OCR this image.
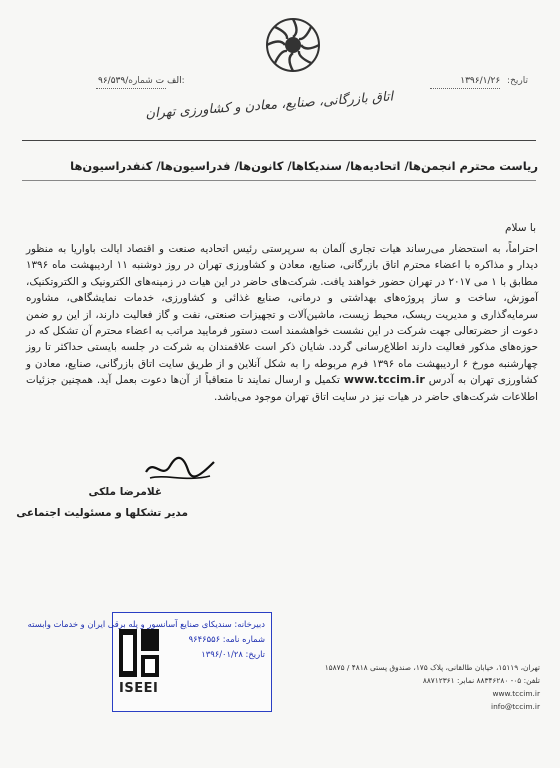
تاریخ: ۱۳۹۶/۱/۲۶
۹۶/۵۳۹/الف ت شماره:
اتاق بازرگانی، صنایع، معادن و کشاورزی تهران
ریاست محترم انجمن‌ها/ اتحادیه‌ها/ سندیکاها/ کانون‌ها/ فدراسیون‌ها/ کنفدراسیون‌ها
با سلام
احتراماً، به استحضار می‌رساند هیات تجاری آلمان به سرپرستی رئیس اتحادیه صنعت و اقتصاد ایالت باواریا به منظور دیدار و مذاکره با اعضاء محترم اتاق بازرگانی، صنایع، معادن و کشاورزی تهران در روز دوشنبه ۱۱ اردیبهشت ماه ۱۳۹۶ مطابق با ۱ می ۲۰۱۷ در تهران حضور خواهند یافت. شرکت‌های حاضر در این هیات در زمینه‌های الکترونیک و الکتروتکنیک، آموزش، ساخت و ساز پروژه‌های بهداشتی و درمانی، صنایع غذائی و کشاورزی، خدمات نمایشگاهی، مشاوره سرمایه‌گذاری و مدیریت ریسک، محیط زیست، ماشین‌آلات و تجهیزات صنعتی، نفت و گاز فعالیت دارند، از این رو ضمن دعوت از حضرتعالی جهت شرکت در این نشست خواهشمند است دستور فرمایید مراتب به اعضاء محترم آن تشکل که در حوزه‌های مذکور فعالیت دارند اطلاع‌رسانی گردد. شایان ذکر است علاقمندان به شرکت در جلسه بایستی حداکثر تا روز چهارشنبه مورخ ۶ اردیبهشت ماه ۱۳۹۶ فرم مربوطه را به شکل آنلاین و از طریق سایت اتاق بازرگانی، صنایع، معادن و کشاورزی تهران به آدرس www.tccim.ir تکمیل و ارسال نمایند تا متعاقباً از آن‌ها دعوت بعمل آید. همچنین جزئیات اطلاعات شرکت‌های حاضر در هیات نیز در سایت اتاق تهران موجود می‌باشد.
غلامرضا ملکی
مدیر تشکلها و مسئولیت اجتماعی
دبیرخانه: سندیکای صنایع آسانسور و پله برقی ایران و خدمات وابسته
شماره نامه: ۹۶۴۶۵۵۶
تاریخ: ۱۳۹۶/۰۱/۲۸
ISEEI
تهران، ۱۵۱۱۹، خیابان طالقانی، پلاک ۱۷۵، صندوق پستی ۴۸۱۸ / ۱۵۸۷۵
تلفن: ۰۵- ۸۸۳۴۶۲۸۰ نمابر: ۸۸۷۱۲۳۶۱
www.tccim.ir
info@tccim.ir
